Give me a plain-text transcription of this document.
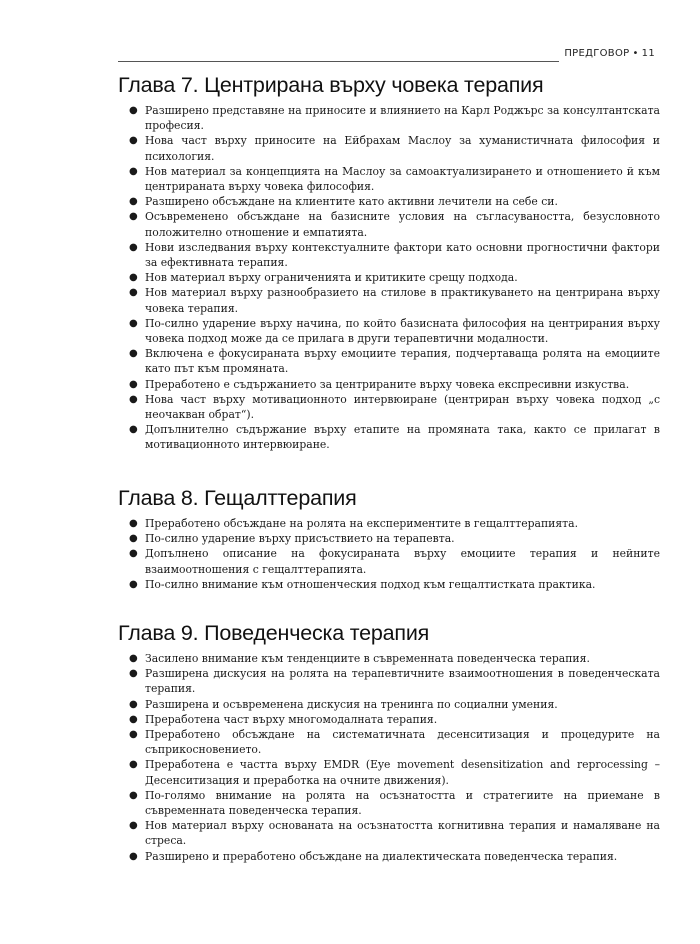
ПРЕДГОВОР • 11
Глава 7. Центрирана върху човека терапия
● Разширено представяне на приносите и влиянието на Карл Роджърс за консултантската професия.
● Нова част върху приносите на Ейбрахам Маслоу за хуманистичната философия и психология.
● Нов материал за концепцията на Маслоу за самоактуализирането и отношението й към центрираната върху човека философия.
● Разширено обсъждане на клиентите като активни лечители на себе си.
● Осъвременено обсъждане на базисните условия на съгласуваността, безусловното положително отношение и емпатията.
● Нови изследвания върху контекстуалните фактори като основни прогностични фактори за ефективната терапия.
● Нов материал върху ограниченията и критиките срещу подхода.
● Нов материал върху разнообразието на стилове в практикуването на центрирана върху човека терапия.
● По-силно ударение върху начина, по който базисната философия на центрирания върху човека подход може да се прилага в други терапевтични модалности.
● Включена е фокусираната върху емоциите терапия, подчертаваща ролята на емоциите като път към промяната.
● Преработено е съдържанието за центрираните върху човека експресивни изкуства.
● Нова част върху мотивационното интервюиране (центриран върху човека подход „с неочакван обрат“).
● Допълнително съдържание върху етапите на промяната така, както се прилагат в мотивационното интервюиране.
Глава 8. Гещалттерапия
● Преработено обсъждане на ролята на експериментите в гещалттерапията.
● По-силно ударение върху присъствието на терапевта.
● Допълнено описание на фокусираната върху емоциите терапия и нейните взаимоотношения с гещалттерапията.
● По-силно внимание към отношенческия подход към гещалтистката практика.
Глава 9. Поведенческа терапия
● Засилено внимание към тенденциите в съвременната поведенческа терапия.
● Разширена дискусия на ролята на терапевтичните взаимоотношения в поведенческата терапия.
● Разширена и осъвременена дискусия на тренинга по социални умения.
● Преработена част върху многомодалната терапия.
● Преработено обсъждане на систематичната десенситизация и процедурите на съприкосновението.
● Преработена е частта върху EMDR (Eye movement desensitization and reprocessing – Десенситизация и преработка на очните движения).
● По-голямо внимание на ролята на осъзнатостта и стратегиите на приемане в съвременната поведенческа терапия.
● Нов материал върху основаната на осъзнатостта когнитивна терапия и намаляване на стреса.
● Разширено и преработено обсъждане на диалектическата поведенческа терапия.
